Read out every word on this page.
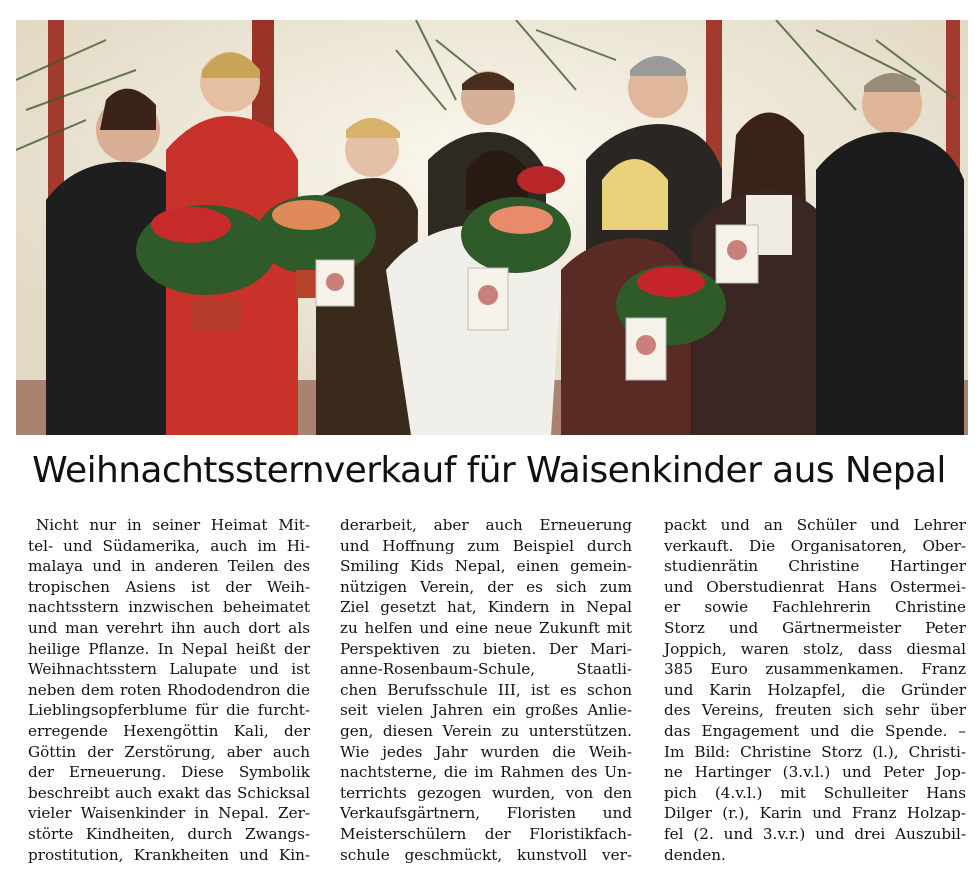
Weihnachtssternverkauf für Waisenkinder aus Nepal
Nicht nur in seiner Heimat Mit-
tel- und Südamerika, auch im Hi-
malaya und in anderen Teilen des
tropischen Asiens ist der Weih-
nachtsstern inzwischen beheimatet
und man verehrt ihn auch dort als
heilige Pflanze. In Nepal heißt der
Weihnachtsstern Lalupate und ist
neben dem roten Rhododendron die
Lieblingsopferblume für die furcht-
erregende Hexengöttin Kali, der
Göttin der Zerstörung, aber auch
der Erneuerung. Diese Symbolik
beschreibt auch exakt das Schicksal
vieler Waisenkinder in Nepal. Zer-
störte Kindheiten, durch Zwangs-
prostitution, Krankheiten und Kin-
derarbeit, aber auch Erneuerung
und Hoffnung zum Beispiel durch
Smiling Kids Nepal, einen gemein-
nützigen Verein, der es sich zum
Ziel gesetzt hat, Kindern in Nepal
zu helfen und eine neue Zukunft mit
Perspektiven zu bieten. Der Mari-
anne-Rosenbaum-Schule, Staatli-
chen Berufsschule III, ist es schon
seit vielen Jahren ein großes Anlie-
gen, diesen Verein zu unterstützen.
Wie jedes Jahr wurden die Weih-
nachtsterne, die im Rahmen des Un-
terrichts gezogen wurden, von den
Verkaufsgärtnern, Floristen und
Meisterschülern der Floristikfach-
schule geschmückt, kunstvoll ver-
packt und an Schüler und Lehrer
verkauft. Die Organisatoren, Ober-
studienrätin Christine Hartinger
und Oberstudienrat Hans Ostermei-
er sowie Fachlehrerin Christine
Storz und Gärtnermeister Peter
Joppich, waren stolz, dass diesmal
385 Euro zusammenkamen. Franz
und Karin Holzapfel, die Gründer
des Vereins, freuten sich sehr über
das Engagement und die Spende. –
Im Bild: Christine Storz (l.), Christi-
ne Hartinger (3.v.l.) und Peter Jop-
pich (4.v.l.) mit Schulleiter Hans
Dilger (r.), Karin und Franz Holzap-
fel (2. und 3.v.r.) und drei Auszubil-
denden.
